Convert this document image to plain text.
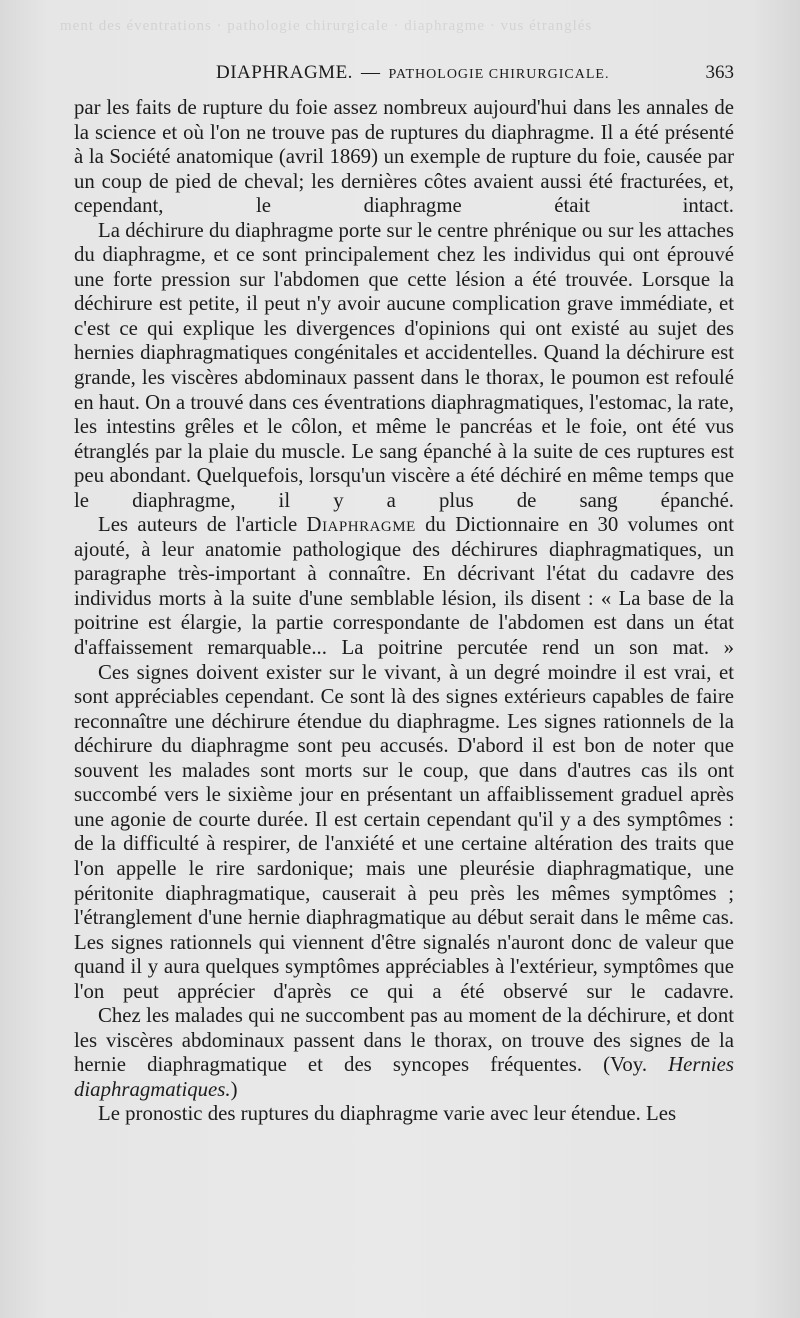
ment des éventrations · pathologie chirurgicale · diaphragme · vus étranglés
DIAPHRAGME. — PATHOLOGIE CHIRURGICALE.	363

par les faits de rupture du foie assez nombreux aujourd'hui dans les annales de la science et où l'on ne trouve pas de ruptures du diaphragme. Il a été présenté à la Société anatomique (avril 1869) un exemple de rupture du foie, causée par un coup de pied de cheval; les dernières côtes avaient aussi été fracturées, et, cependant, le diaphragme était intact.

La déchirure du diaphragme porte sur le centre phrénique ou sur les attaches du diaphragme, et ce sont principalement chez les individus qui ont éprouvé une forte pression sur l'abdomen que cette lésion a été trouvée. Lorsque la déchirure est petite, il peut n'y avoir aucune complication grave immédiate, et c'est ce qui explique les divergences d'opinions qui ont existé au sujet des hernies diaphragmatiques congénitales et accidentelles. Quand la déchirure est grande, les viscères abdominaux passent dans le thorax, le poumon est refoulé en haut. On a trouvé dans ces éventrations diaphragmatiques, l'estomac, la rate, les intestins grêles et le côlon, et même le pancréas et le foie, ont été vus étranglés par la plaie du muscle. Le sang épanché à la suite de ces ruptures est peu abondant. Quelquefois, lorsqu'un viscère a été déchiré en même temps que le diaphragme, il y a plus de sang épanché.

Les auteurs de l'article Diaphragme du Dictionnaire en 30 volumes ont ajouté, à leur anatomie pathologique des déchirures diaphragmatiques, un paragraphe très-important à connaître. En décrivant l'état du cadavre des individus morts à la suite d'une semblable lésion, ils disent : « La base de la poitrine est élargie, la partie correspondante de l'abdomen est dans un état d'affaissement remarquable... La poitrine percutée rend un son mat. »

Ces signes doivent exister sur le vivant, à un degré moindre il est vrai, et sont appréciables cependant. Ce sont là des signes extérieurs capables de faire reconnaître une déchirure étendue du diaphragme. Les signes rationnels de la déchirure du diaphragme sont peu accusés. D'abord il est bon de noter que souvent les malades sont morts sur le coup, que dans d'autres cas ils ont succombé vers le sixième jour en présentant un affaiblissement graduel après une agonie de courte durée. Il est certain cependant qu'il y a des symptômes : de la difficulté à respirer, de l'anxiété et une certaine altération des traits que l'on appelle le rire sardonique; mais une pleurésie diaphragmatique, une péritonite diaphragmatique, causerait à peu près les mêmes symptômes ; l'étranglement d'une hernie diaphragmatique au début serait dans le même cas. Les signes rationnels qui viennent d'être signalés n'auront donc de valeur que quand il y aura quelques symptômes appréciables à l'extérieur, symptômes que l'on peut apprécier d'après ce qui a été observé sur le cadavre.

Chez les malades qui ne succombent pas au moment de la déchirure, et dont les viscères abdominaux passent dans le thorax, on trouve des signes de la hernie diaphragmatique et des syncopes fréquentes. (Voy. Hernies diaphragmatiques.)

Le pronostic des ruptures du diaphragme varie avec leur étendue. Les
